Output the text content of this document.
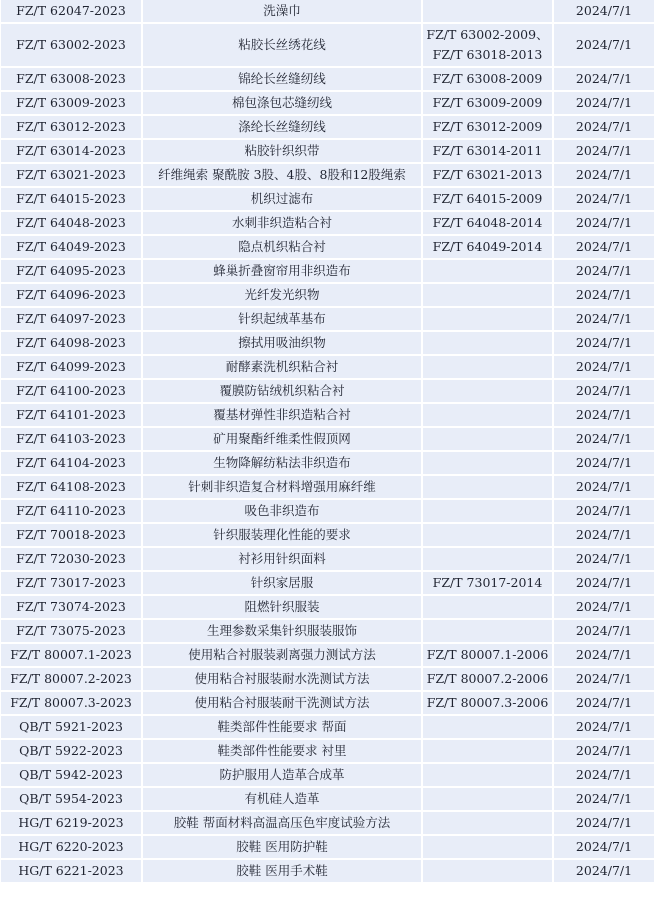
FZ/T 62047-2023	洗澡巾		2024/7/1
FZ/T 63002-2023	粘胶长丝绣花线	FZ/T 63002-2009、FZ/T 63018-2013	2024/7/1
FZ/T 63008-2023	锦纶长丝缝纫线	FZ/T 63008-2009	2024/7/1
FZ/T 63009-2023	棉包涤包芯缝纫线	FZ/T 63009-2009	2024/7/1
FZ/T 63012-2023	涤纶长丝缝纫线	FZ/T 63012-2009	2024/7/1
FZ/T 63014-2023	粘胶针织织带	FZ/T 63014-2011	2024/7/1
FZ/T 63021-2023	纤维绳索 聚酰胺 3股、4股、8股和12股绳索	FZ/T 63021-2013	2024/7/1
FZ/T 64015-2023	机织过滤布	FZ/T 64015-2009	2024/7/1
FZ/T 64048-2023	水刺非织造粘合衬	FZ/T 64048-2014	2024/7/1
FZ/T 64049-2023	隐点机织粘合衬	FZ/T 64049-2014	2024/7/1
FZ/T 64095-2023	蜂巢折叠窗帘用非织造布		2024/7/1
FZ/T 64096-2023	光纤发光织物		2024/7/1
FZ/T 64097-2023	针织起绒革基布		2024/7/1
FZ/T 64098-2023	擦拭用吸油织物		2024/7/1
FZ/T 64099-2023	耐酵素洗机织粘合衬		2024/7/1
FZ/T 64100-2023	覆膜防钻绒机织粘合衬		2024/7/1
FZ/T 64101-2023	覆基材弹性非织造粘合衬		2024/7/1
FZ/T 64103-2023	矿用聚酯纤维柔性假顶网		2024/7/1
FZ/T 64104-2023	生物降解纺粘法非织造布		2024/7/1
FZ/T 64108-2023	针刺非织造复合材料增强用麻纤维		2024/7/1
FZ/T 64110-2023	吸色非织造布		2024/7/1
FZ/T 70018-2023	针织服装理化性能的要求		2024/7/1
FZ/T 72030-2023	衬衫用针织面料		2024/7/1
FZ/T 73017-2023	针织家居服	FZ/T 73017-2014	2024/7/1
FZ/T 73074-2023	阻燃针织服装		2024/7/1
FZ/T 73075-2023	生理参数采集针织服装服饰		2024/7/1
FZ/T 80007.1-2023	使用粘合衬服装剥离强力测试方法	FZ/T 80007.1-2006	2024/7/1
FZ/T 80007.2-2023	使用粘合衬服装耐水洗测试方法	FZ/T 80007.2-2006	2024/7/1
FZ/T 80007.3-2023	使用粘合衬服装耐干洗测试方法	FZ/T 80007.3-2006	2024/7/1
QB/T 5921-2023	鞋类部件性能要求 帮面		2024/7/1
QB/T 5922-2023	鞋类部件性能要求 衬里		2024/7/1
QB/T 5942-2023	防护服用人造革合成革		2024/7/1
QB/T 5954-2023	有机硅人造革		2024/7/1
HG/T 6219-2023	胶鞋 帮面材料高温高压色牢度试验方法		2024/7/1
HG/T 6220-2023	胶鞋 医用防护鞋		2024/7/1
HG/T 6221-2023	胶鞋 医用手术鞋		2024/7/1
